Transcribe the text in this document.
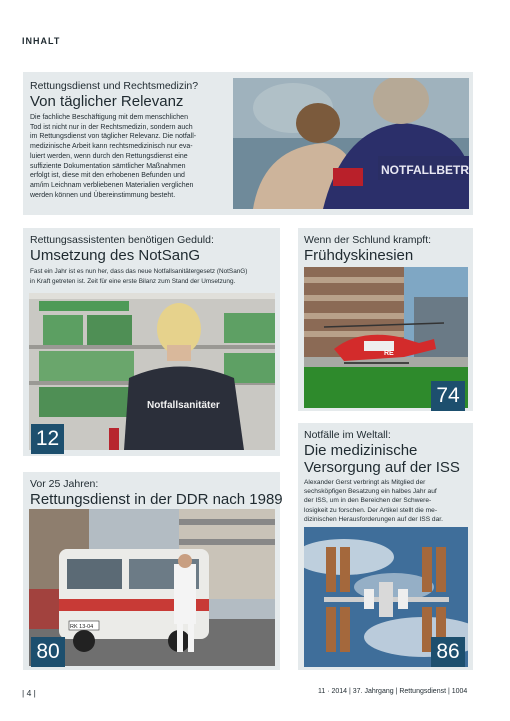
INHALT
Rettungsdienst und Rechtsmedizin?
Von täglicher Relevanz
Die fachliche Beschäftigung mit dem menschlichen
Tod ist nicht nur in der Rechtsmedizin, sondern auch
im Rettungsdienst von täglicher Relevanz. Die notfall-
medizinische Arbeit kann rechtsmedizinisch nur eva-
luiert werden, wenn durch den Rettungsdienst eine
suffiziente Dokumentation sämtlicher Maßnahmen
erfolgt ist, diese mit den erhobenen Befunden und
am/im Leichnam verbliebenen Materialien verglichen
werden können und Übereinstimmung besteht.
NOTFALLBETR
Rettungsassistenten benötigen Geduld:
Umsetzung des NotSanG
Fast ein Jahr ist es nun her, dass das neue Notfallsanitätergesetz (NotSanG)
in Kraft getreten ist. Zeit für eine erste Bilanz zum Stand der Umsetzung.
Notfallsanitäter
12
Wenn der Schlund krampft:
Frühdyskinesien
RE
74
Vor 25 Jahren:
Rettungsdienst in der DDR nach 1989
RK 13-04
80
Notfälle im Weltall:
Die medizinische
Versorgung auf der ISS
Alexander Gerst verbringt als Mitglied der
sechsköpfigen Besatzung ein halbes Jahr auf
der ISS, um in den Bereichen der Schwere-
losigkeit zu forschen. Der Artikel stellt die me-
dizinischen Herausforderungen auf der ISS dar.
86
| 4 |	11 · 2014 | 37. Jahrgang | Rettungsdienst | 1004
